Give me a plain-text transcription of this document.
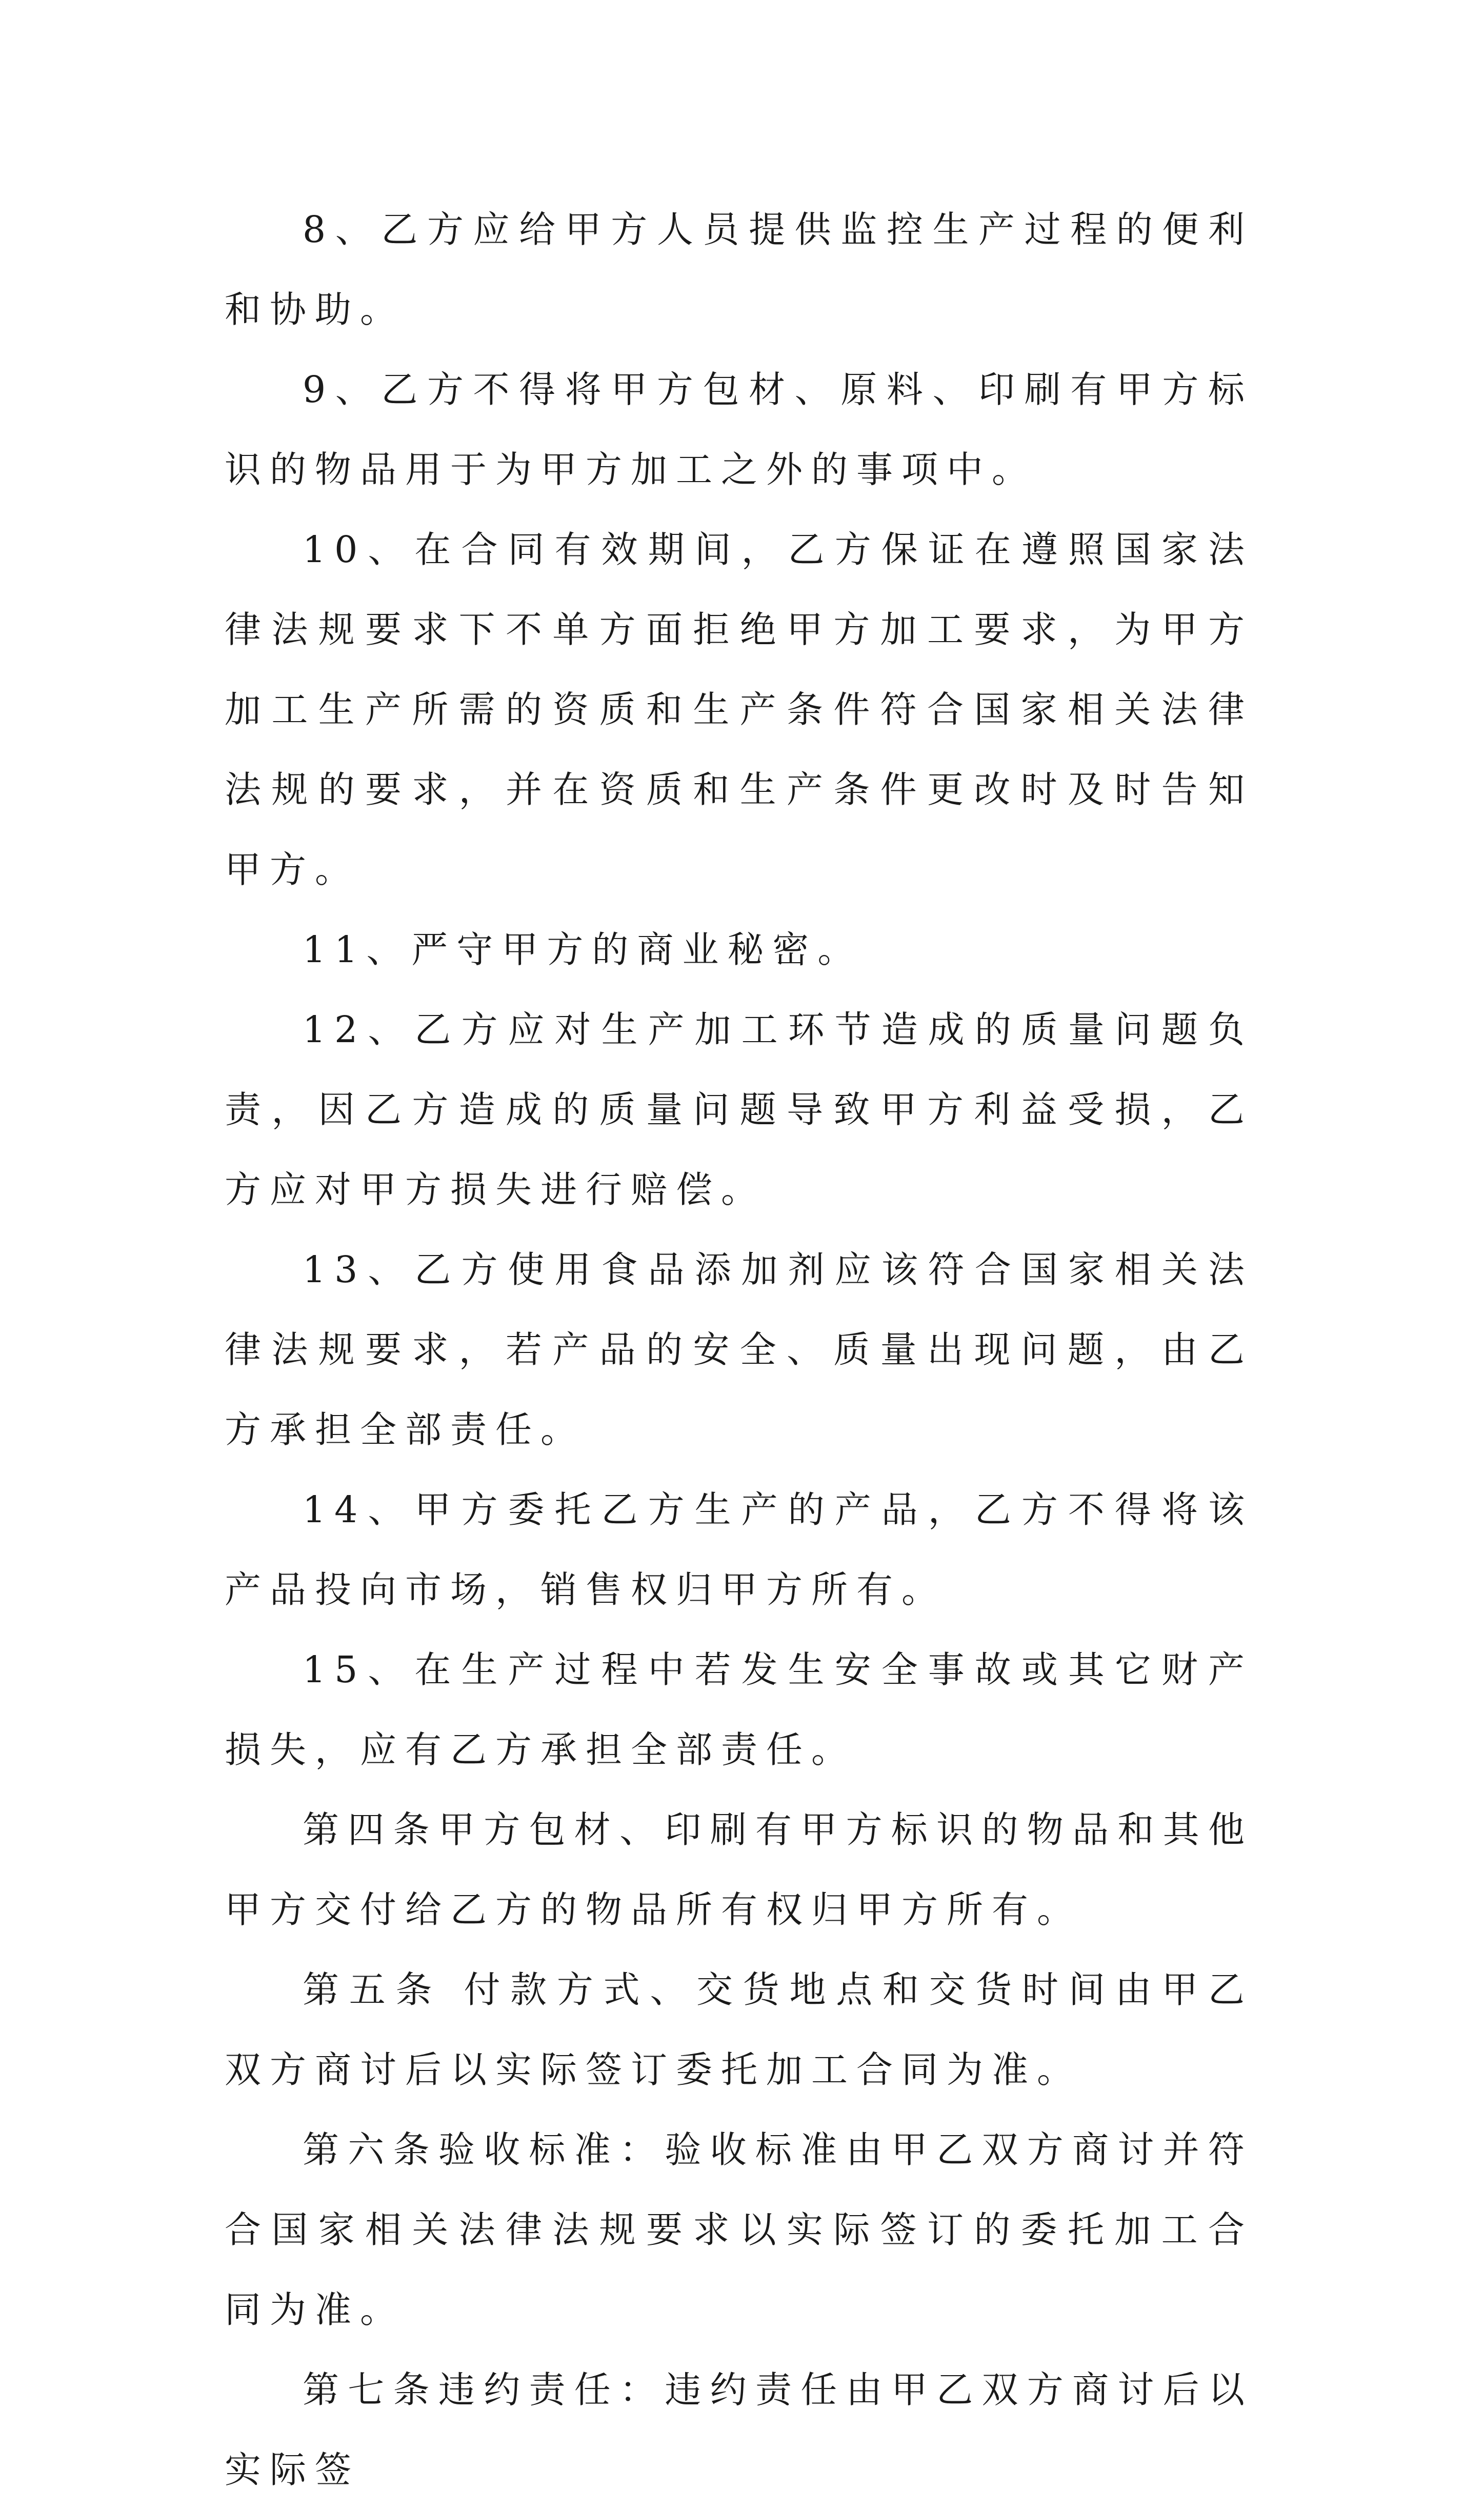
8、乙方应给甲方人员提供监控生产过程的便利和协助。

9、乙方不得将甲方包材、原料、印刷有甲方标识的物品用于为甲方加工之外的事项中。

10、在合同有效期间，乙方保证在遵照国家法律法规要求下不单方面拒绝甲方加工要求，为甲方加工生产所需的资质和生产条件符合国家相关法律法规的要求，并在资质和生产条件更改时及时告知甲方。

11、严守甲方的商业秘密。

12、乙方应对生产加工环节造成的质量问题负责，因乙方造成的质量问题导致甲方利益受损，乙方应对甲方损失进行赔偿。

13、乙方使用食品添加剂应该符合国家相关法律法规要求，若产品的安全、质量出现问题，由乙方承担全部责任。

14、甲方委托乙方生产的产品，乙方不得将该产品投向市场，销售权归甲方所有。

15、在生产过程中若发生安全事故或其它财产损失，应有乙方承担全部责任。

第四条甲方包材、印刷有甲方标识的物品和其他甲方交付给乙方的物品所有权归甲方所有。

第五条 付款方式、交货地点和交货时间由甲乙双方商讨后以实际签订委托加工合同为准。

第六条验收标准：验收标准由甲乙双方商讨并符合国家相关法律法规要求以实际签订的委托加工合同为准。

第七条违约责任：违约责任由甲乙双方商讨后以实际签
